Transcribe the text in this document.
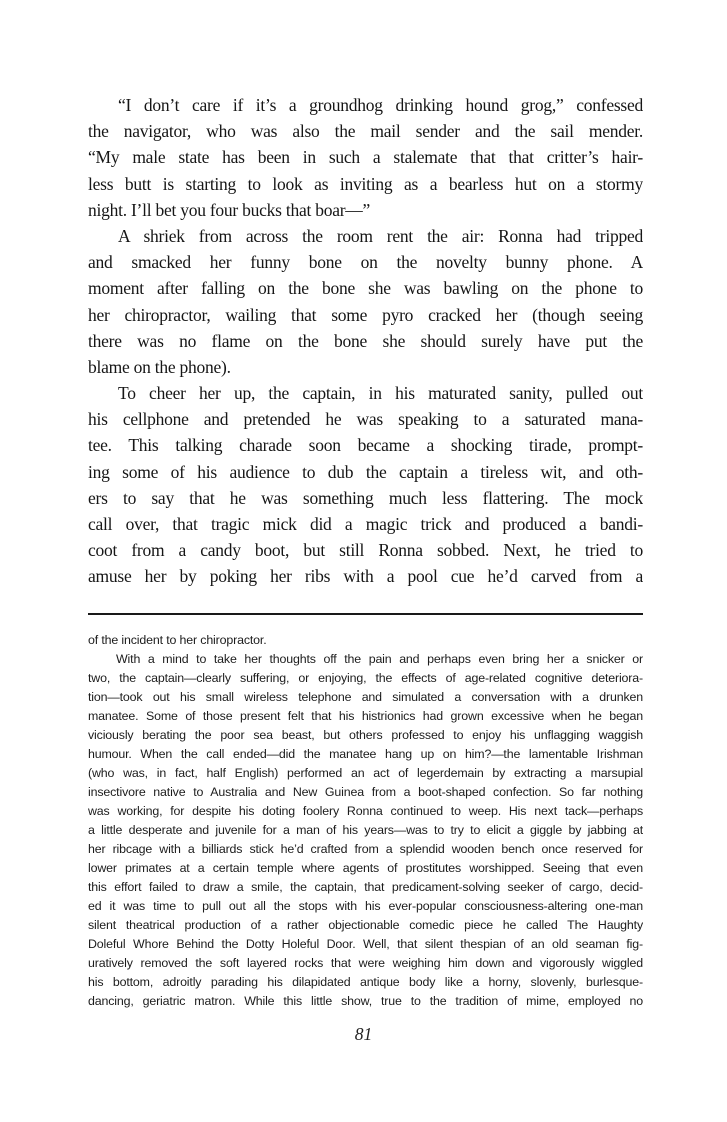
“I don’t care if it’s a groundhog drinking hound grog,” confessed
the navigator, who was also the mail sender and the sail mender.
“My male state has been in such a stalemate that that critter’s hair-
less butt is starting to look as inviting as a bearless hut on a stormy
night. I’ll bet you four bucks that boar—”
A shriek from across the room rent the air: Ronna had tripped
and smacked her funny bone on the novelty bunny phone. A
moment after falling on the bone she was bawling on the phone to
her chiropractor, wailing that some pyro cracked her (though seeing
there was no flame on the bone she should surely have put the
blame on the phone).
To cheer her up, the captain, in his maturated sanity, pulled out
his cellphone and pretended he was speaking to a saturated mana-
tee. This talking charade soon became a shocking tirade, prompt-
ing some of his audience to dub the captain a tireless wit, and oth-
ers to say that he was something much less flattering. The mock
call over, that tragic mick did a magic trick and produced a bandi-
coot from a candy boot, but still Ronna sobbed. Next, he tried to
amuse her by poking her ribs with a pool cue he’d carved from a
of the incident to her chiropractor.
With a mind to take her thoughts off the pain and perhaps even bring her a snicker or
two, the captain—clearly suffering, or enjoying, the effects of age-related cognitive deteriora-
tion—took out his small wireless telephone and simulated a conversation with a drunken
manatee. Some of those present felt that his histrionics had grown excessive when he began
viciously berating the poor sea beast, but others professed to enjoy his unflagging waggish
humour. When the call ended—did the manatee hang up on him?—the lamentable Irishman
(who was, in fact, half English) performed an act of legerdemain by extracting a marsupial
insectivore native to Australia and New Guinea from a boot-shaped confection. So far nothing
was working, for despite his doting foolery Ronna continued to weep. His next tack—perhaps
a little desperate and juvenile for a man of his years—was to try to elicit a giggle by jabbing at
her ribcage with a billiards stick he’d crafted from a splendid wooden bench once reserved for
lower primates at a certain temple where agents of prostitutes worshipped. Seeing that even
this effort failed to draw a smile, the captain, that predicament-solving seeker of cargo, decid-
ed it was time to pull out all the stops with his ever-popular consciousness-altering one-man
silent theatrical production of a rather objectionable comedic piece he called The Haughty
Doleful Whore Behind the Dotty Holeful Door. Well, that silent thespian of an old seaman fig-
uratively removed the soft layered rocks that were weighing him down and vigorously wiggled
his bottom, adroitly parading his dilapidated antique body like a horny, slovenly, burlesque-
dancing, geriatric matron. While this little show, true to the tradition of mime, employed no
81
